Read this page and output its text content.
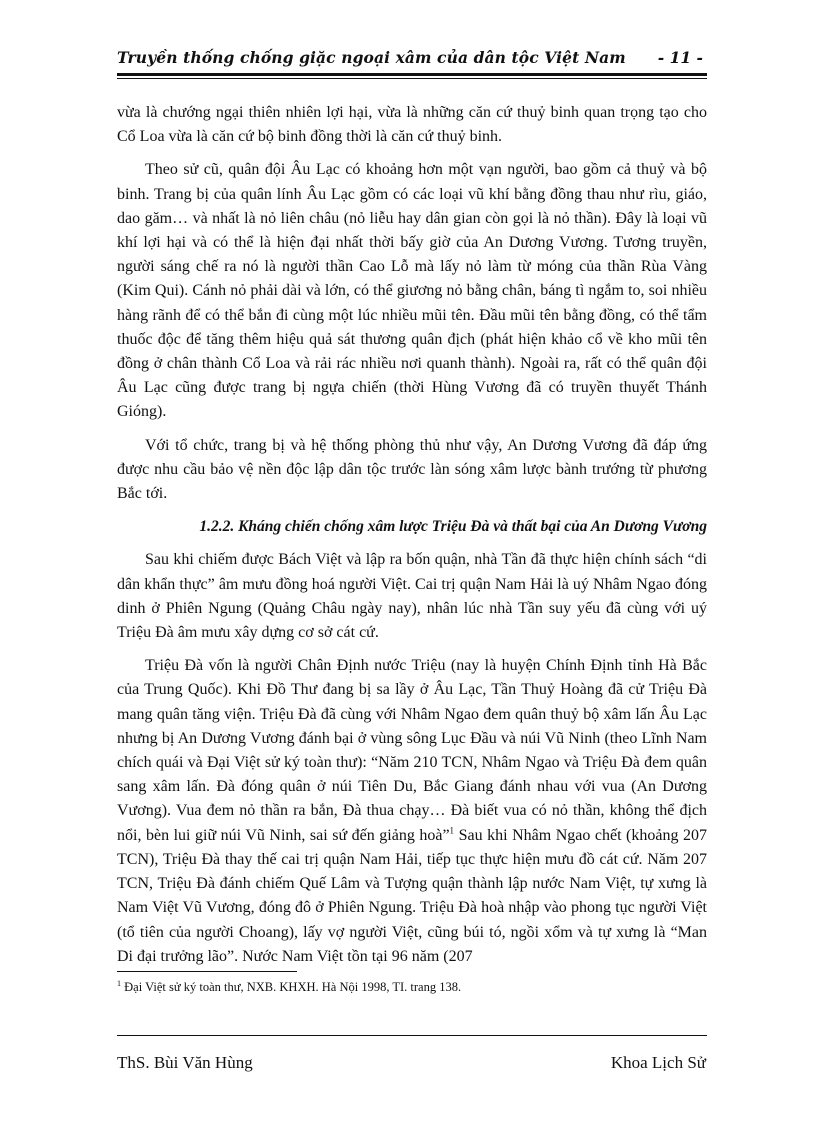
Truyền thống chống giặc ngoại xâm của dân tộc Việt Nam - 11 -

vừa là chướng ngại thiên nhiên lợi hại, vừa là những căn cứ thuỷ binh quan trọng tạo cho Cổ Loa vừa là căn cứ bộ binh đồng thời là căn cứ thuỷ binh.

Theo sử cũ, quân đội Âu Lạc có khoảng hơn một vạn người, bao gồm cả thuỷ và bộ binh. Trang bị của quân lính Âu Lạc gồm có các loại vũ khí bằng đồng thau như rìu, giáo, dao găm… và nhất là nỏ liên châu (nỏ liễu hay dân gian còn gọi là nỏ thần). Đây là loại vũ khí lợi hại và có thể là hiện đại nhất thời bấy giờ của An Dương Vương. Tương truyền, người sáng chế ra nó là người thần Cao Lỗ mà lấy nỏ làm từ móng của thần Rùa Vàng (Kim Qui). Cánh nỏ phải dài và lớn, có thể giương nỏ bằng chân, báng tì ngắm to, soi nhiều hàng rãnh để có thể bắn đi cùng một lúc nhiều mũi tên. Đầu mũi tên bằng đồng, có thể tẩm thuốc độc để tăng thêm hiệu quả sát thương quân địch (phát hiện khảo cổ về kho mũi tên đồng ở chân thành Cổ Loa và rải rác nhiều nơi quanh thành). Ngoài ra, rất có thể quân đội Âu Lạc cũng được trang bị ngựa chiến (thời Hùng Vương đã có truyền thuyết Thánh Gióng).

Với tổ chức, trang bị và hệ thống phòng thủ như vậy, An Dương Vương đã đáp ứng được nhu cầu bảo vệ nền độc lập dân tộc trước làn sóng xâm lược bành trướng từ phương Bắc tới.

1.2.2. Kháng chiến chống xâm lược Triệu Đà và thất bại của An Dương Vương

Sau khi chiếm được Bách Việt và lập ra bốn quận, nhà Tần đã thực hiện chính sách “di dân khẩn thực” âm mưu đồng hoá người Việt. Cai trị quận Nam Hải là uý Nhâm Ngao đóng dinh ở Phiên Ngung (Quảng Châu ngày nay), nhân lúc nhà Tần suy yếu đã cùng với uý Triệu Đà âm mưu xây dựng cơ sở cát cứ.

Triệu Đà vốn là người Chân Định nước Triệu (nay là huyện Chính Định tỉnh Hà Bắc của Trung Quốc). Khi Đồ Thư đang bị sa lầy ở Âu Lạc, Tần Thuỷ Hoàng đã cử Triệu Đà mang quân tăng viện. Triệu Đà đã cùng với Nhâm Ngao đem quân thuỷ bộ xâm lấn Âu Lạc nhưng bị An Dương Vương đánh bại ở vùng sông Lục Đầu và núi Vũ Ninh (theo Lĩnh Nam chích quái và Đại Việt sử ký toàn thư): “Năm 210 TCN, Nhâm Ngao và Triệu Đà đem quân sang xâm lấn. Đà đóng quân ở núi Tiên Du, Bắc Giang đánh nhau với vua (An Dương Vương). Vua đem nỏ thần ra bắn, Đà thua chạy… Đà biết vua có nỏ thần, không thể địch nổi, bèn lui giữ núi Vũ Ninh, sai sứ đến giảng hoà”$^1$ Sau khi Nhâm Ngao chết (khoảng 207 TCN), Triệu Đà thay thế cai trị quận Nam Hải, tiếp tục thực hiện mưu đồ cát cứ. Năm 207 TCN, Triệu Đà đánh chiếm Quế Lâm và Tượng quận thành lập nước Nam Việt, tự xưng là Nam Việt Vũ Vương, đóng đô ở Phiên Ngung. Triệu Đà hoà nhập vào phong tục người Việt (tổ tiên của người Choang), lấy vợ người Việt, cũng búi tó, ngồi xổm và tự xưng là “Man Di đại trưởng lão”. Nước Nam Việt tồn tại 96 năm (207

$^1$ Đại Việt sử ký toàn thư, NXB. KHXH. Hà Nội 1998, TI. trang 138.
ThS. Bùi Văn Hùng	Khoa Lịch Sử
